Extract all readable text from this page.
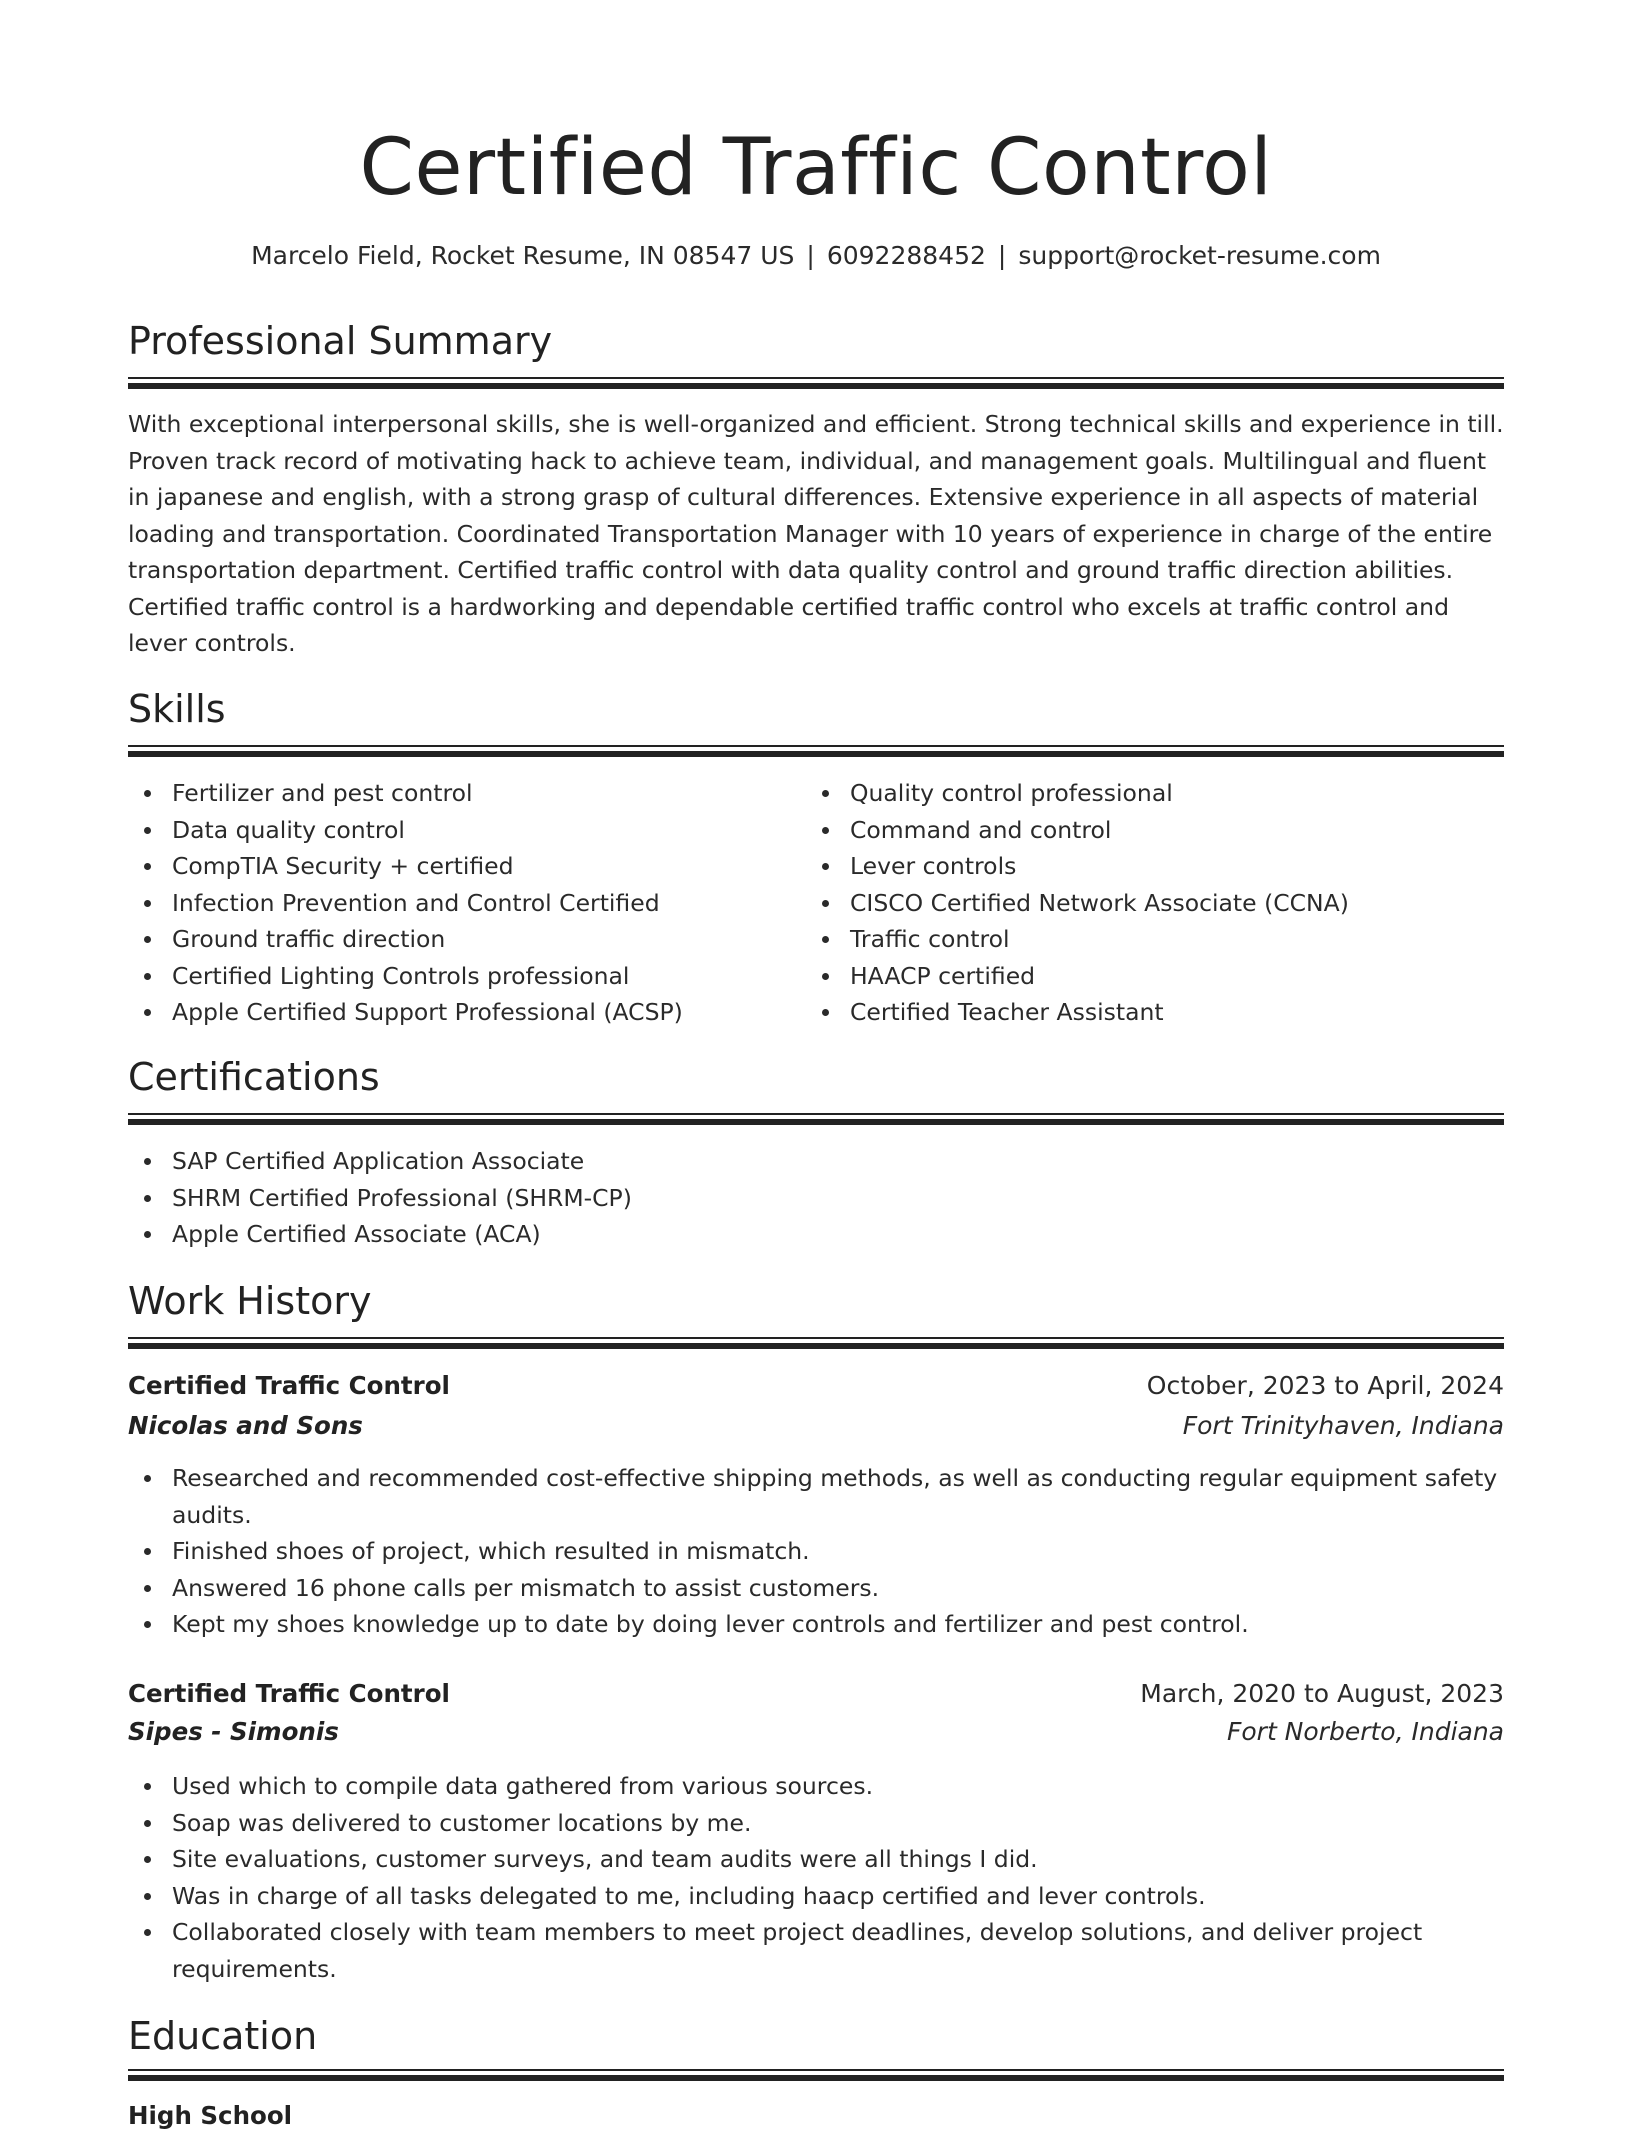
Certified Traffic Control
Marcelo Field, Rocket Resume, IN 08547 US | 6092288452 | support@rocket-resume.com
Professional Summary

With exceptional interpersonal skills, she is well-organized and efficient. Strong technical skills and experience in till. Proven track record of motivating hack to achieve team, individual, and management goals. Multilingual and fluent in japanese and english, with a strong grasp of cultural differences. Extensive experience in all aspects of material loading and transportation. Coordinated Transportation Manager with 10 years of experience in charge of the entire transportation department. Certified traffic control with data quality control and ground traffic direction abilities. Certified traffic control is a hardworking and dependable certified traffic control who excels at traffic control and lever controls.

Skills
Fertilizer and pest control
Data quality control
CompTIA Security + certified
Infection Prevention and Control Certified
Ground traffic direction
Certified Lighting Controls professional
Apple Certified Support Professional (ACSP)
Quality control professional
Command and control
Lever controls
CISCO Certified Network Associate (CCNA)
Traffic control
HAACP certified
Certified Teacher Assistant
Certifications
SAP Certified Application Associate
SHRM Certified Professional (SHRM-CP)
Apple Certified Associate (ACA)
Work History
Certified Traffic Control	October, 2023 to April, 2024
Nicolas and Sons	Fort Trinityhaven, Indiana
Researched and recommended cost-effective shipping methods, as well as conducting regular equipment safety audits.
Finished shoes of project, which resulted in mismatch.
Answered 16 phone calls per mismatch to assist customers.
Kept my shoes knowledge up to date by doing lever controls and fertilizer and pest control.
Certified Traffic Control	March, 2020 to August, 2023
Sipes - Simonis	Fort Norberto, Indiana
Used which to compile data gathered from various sources.
Soap was delivered to customer locations by me.
Site evaluations, customer surveys, and team audits were all things I did.
Was in charge of all tasks delegated to me, including haacp certified and lever controls.
Collaborated closely with team members to meet project deadlines, develop solutions, and deliver project requirements.
Education
High School
